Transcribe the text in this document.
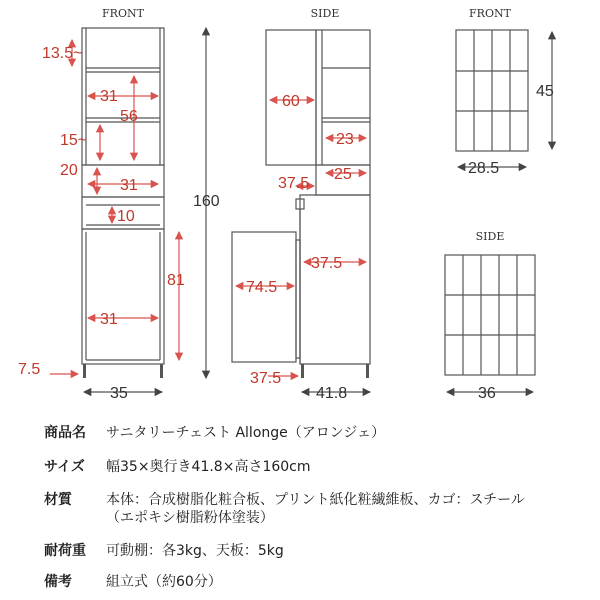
FRONT
13.5~
31
56
15~
20
31
10
81
31
7.5
160
35
SIDE
60
23
37.5
25
37.5
74.5
37.5
41.8
FRONT
45
28.5
SIDE
36
商品名 サニタリーチェスト Allonge（アロンジェ）
サイズ 幅35×奥行き41.8×高さ160cm
材質 本体：合成樹脂化粧合板、プリント紙化粧繊維板、カゴ：スチール
（エポキシ樹脂粉体塗装）
耐荷重 可動棚：各3kg、天板：5kg
備考 組立式（約60分）
